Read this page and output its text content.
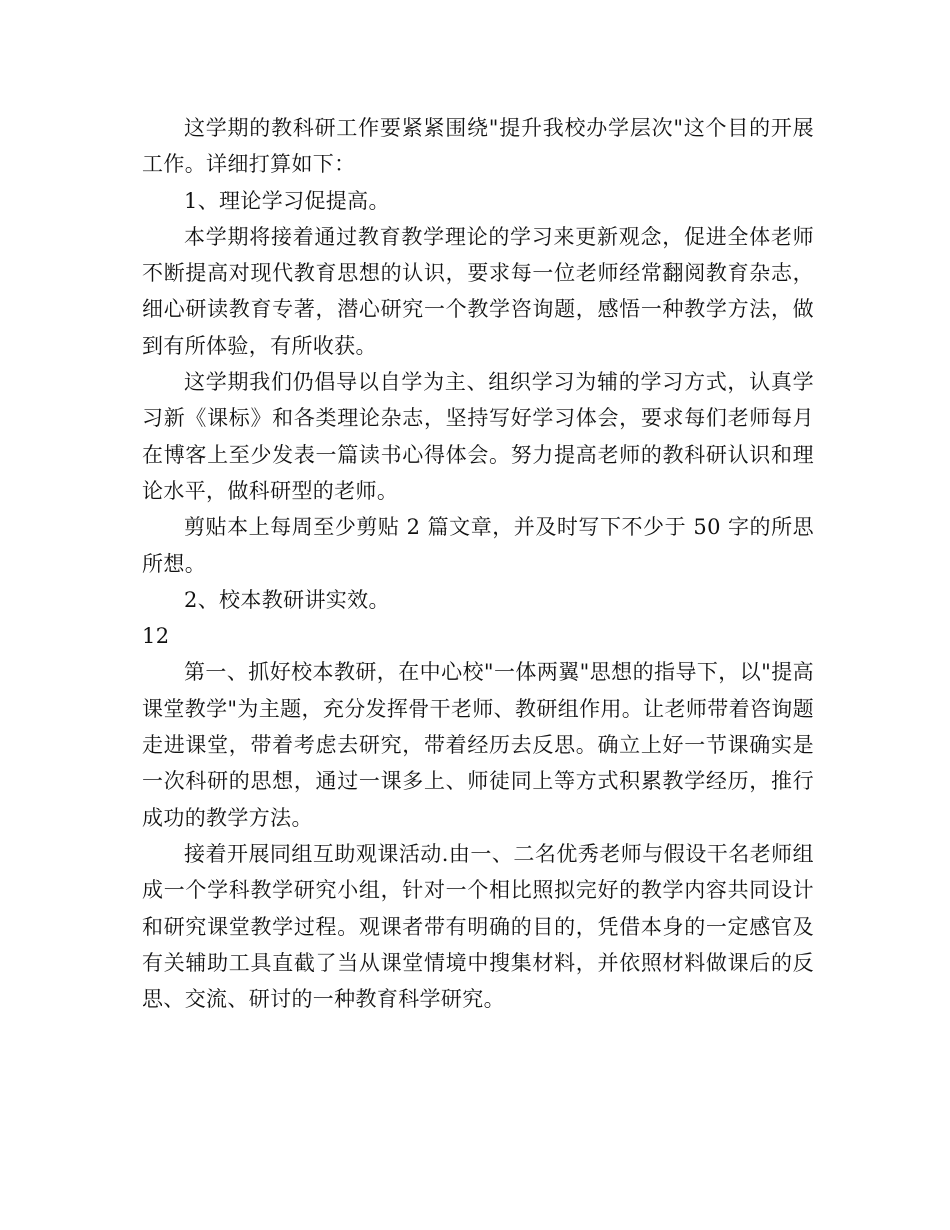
这学期的教科研工作要紧紧围绕"提升我校办学层次"这个目的开展工作。详细打算如下：

1、理论学习促提高。

本学期将接着通过教育教学理论的学习来更新观念，促进全体老师不断提高对现代教育思想的认识，要求每一位老师经常翻阅教育杂志，细心研读教育专著，潜心研究一个教学咨询题，感悟一种教学方法，做到有所体验，有所收获。

这学期我们仍倡导以自学为主、组织学习为辅的学习方式，认真学习新《课标》和各类理论杂志，坚持写好学习体会，要求每们老师每月在博客上至少发表一篇读书心得体会。努力提高老师的教科研认识和理论水平，做科研型的老师。

剪贴本上每周至少剪贴 2 篇文章，并及时写下不少于 50 字的所思所想。

2、校本教研讲实效。

12

第一、抓好校本教研，在中心校"一体两翼"思想的指导下，以"提高课堂教学"为主题，充分发挥骨干老师、教研组作用。让老师带着咨询题走进课堂，带着考虑去研究，带着经历去反思。确立上好一节课确实是一次科研的思想，通过一课多上、师徒同上等方式积累教学经历，推行成功的教学方法。

接着开展同组互助观课活动.由一、二名优秀老师与假设干名老师组成一个学科教学研究小组，针对一个相比照拟完好的教学内容共同设计和研究课堂教学过程。观课者带有明确的目的，凭借本身的一定感官及有关辅助工具直截了当从课堂情境中搜集材料，并依照材料做课后的反思、交流、研讨的一种教育科学研究。
